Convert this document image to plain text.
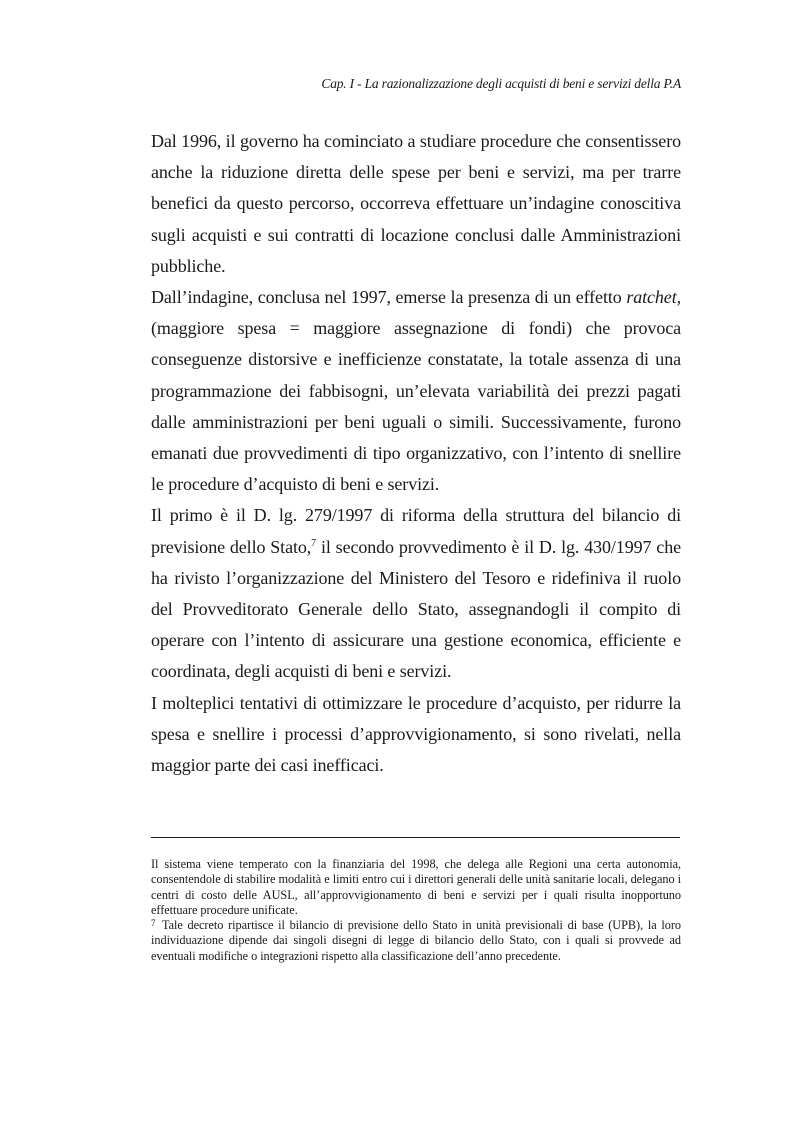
Cap. I - La razionalizzazione degli acquisti di beni e servizi della P.A

Dal 1996, il governo ha cominciato a studiare procedure che consentissero anche la riduzione diretta delle spese per beni e servizi, ma per trarre benefici da questo percorso, occorreva effettuare un’indagine conoscitiva sugli acquisti e sui contratti di locazione conclusi dalle Amministrazioni pubbliche.

Dall’indagine, conclusa nel 1997, emerse la presenza di un effetto ratchet, (maggiore spesa = maggiore assegnazione di fondi) che provoca conseguenze distorsive e inefficienze constatate, la totale assenza di una programmazione dei fabbisogni, un’elevata variabilità dei prezzi pagati dalle amministrazioni per beni uguali o simili. Successivamente, furono emanati due provvedimenti di tipo organizzativo, con l’intento di snellire le procedure d’acquisto di beni e servizi.

Il primo è il D. lg. 279/1997 di riforma della struttura del bilancio di previsione dello Stato,$^7$ il secondo provvedimento è il D. lg. 430/1997 che ha rivisto l’organizzazione del Ministero del Tesoro e ridefiniva il ruolo del Provveditorato Generale dello Stato, assegnandogli il compito di operare con l’intento di assicurare una gestione economica, efficiente e coordinata, degli acquisti di beni e servizi.

I molteplici tentativi di ottimizzare le procedure d’acquisto, per ridurre la spesa e snellire i processi d’approvvigionamento, si sono rivelati, nella maggior parte dei casi inefficaci.

Il sistema viene temperato con la finanziaria del 1998, che delega alle Regioni una certa autonomia, consentendole di stabilire modalità e limiti entro cui i direttori generali delle unità sanitarie locali, delegano i centri di costo delle AUSL, all’approvvigionamento di beni e servizi per i quali risulta inopportuno effettuare procedure unificate.

$^7$ Tale decreto ripartisce il bilancio di previsione dello Stato in unità previsionali di base (UPB), la loro individuazione dipende dai singoli disegni di legge di bilancio dello Stato, con i quali si provvede ad eventuali modifiche o integrazioni rispetto alla classificazione dell’anno precedente.
